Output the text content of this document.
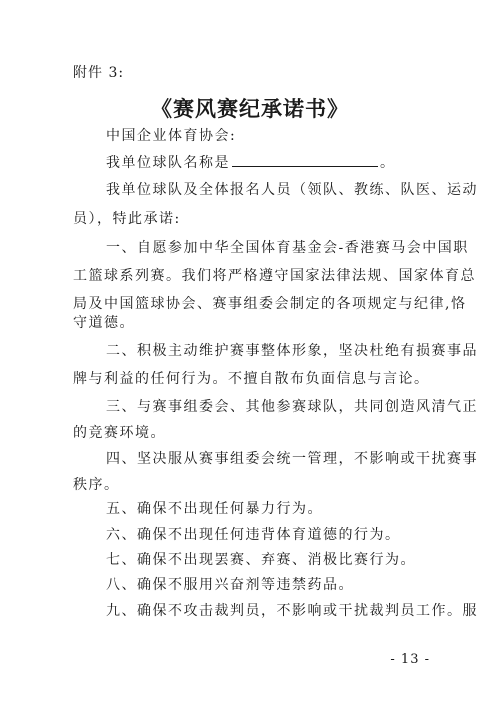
附件 3:
《赛风赛纪承诺书》
中国企业体育协会:
我单位球队名称是	。
我单位球队及全体报名人员（领队、教练、队医、运动
员），特此承诺:
一、自愿参加中华全国体育基金会-香港赛马会中国职
工篮球系列赛。我们将严格遵守国家法律法规、国家体育总
局及中国篮球协会、赛事组委会制定的各项规定与纪律,恪
守道德。
二、积极主动维护赛事整体形象，坚决杜绝有损赛事品
牌与利益的任何行为。不擅自散布负面信息与言论。
三、与赛事组委会、其他参赛球队，共同创造风清气正
的竞赛环境。
四、坚决服从赛事组委会统一管理，不影响或干扰赛事
秩序。
五、确保不出现任何暴力行为。
六、确保不出现任何违背体育道德的行为。
七、确保不出现罢赛、弃赛、消极比赛行为。
八、确保不服用兴奋剂等违禁药品。
九、确保不攻击裁判员，不影响或干扰裁判员工作。服
- 13 -
